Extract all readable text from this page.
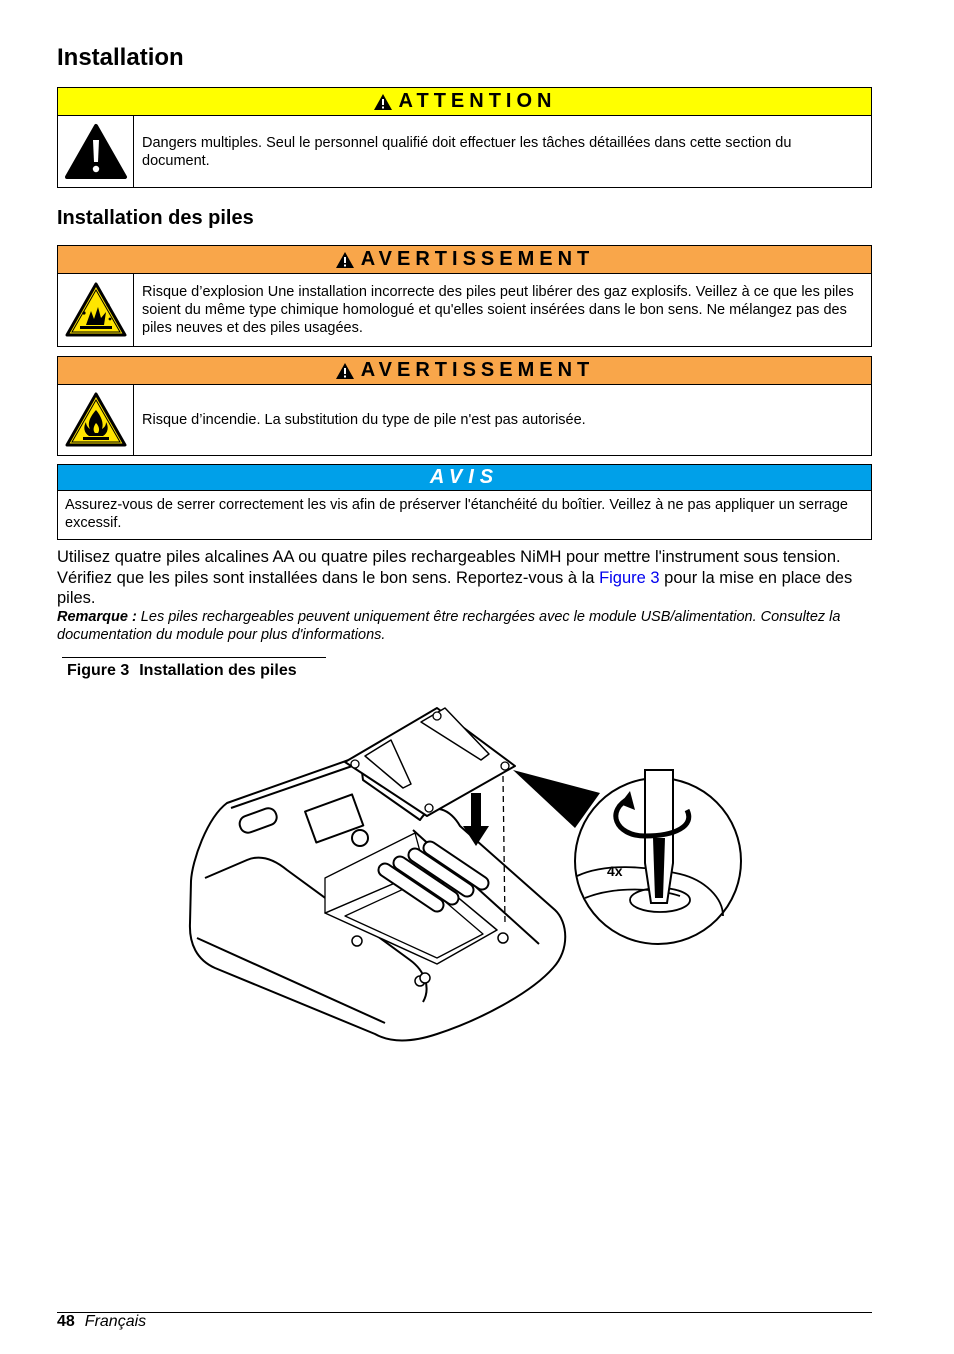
Installation
ATTENTION
Dangers multiples. Seul le personnel qualifié doit effectuer les tâches détaillées dans cette section du document.
Installation des piles
AVERTISSEMENT
Risque d’explosion Une installation incorrecte des piles peut libérer des gaz explosifs. Veillez à ce que les piles soient du même type chimique homologué et qu'elles soient insérées dans le bon sens. Ne mélangez pas des piles neuves et des piles usagées.
AVERTISSEMENT
Risque d’incendie. La substitution du type de pile n'est pas autorisée.
AVIS
Assurez-vous de serrer correctement les vis afin de préserver l'étanchéité du boîtier. Veillez à ne pas appliquer un serrage excessif.

Utilisez quatre piles alcalines AA ou quatre piles rechargeables NiMH pour mettre l'instrument sous tension. Vérifiez que les piles sont installées dans le bon sens. Reportez-vous à la Figure 3 pour la mise en place des piles.

Remarque : Les piles rechargeables peuvent uniquement être rechargées avec le module USB/alimentation. Consultez la documentation du module pour plus d'informations.

Figure 3 Installation des piles

4x
48 Français
